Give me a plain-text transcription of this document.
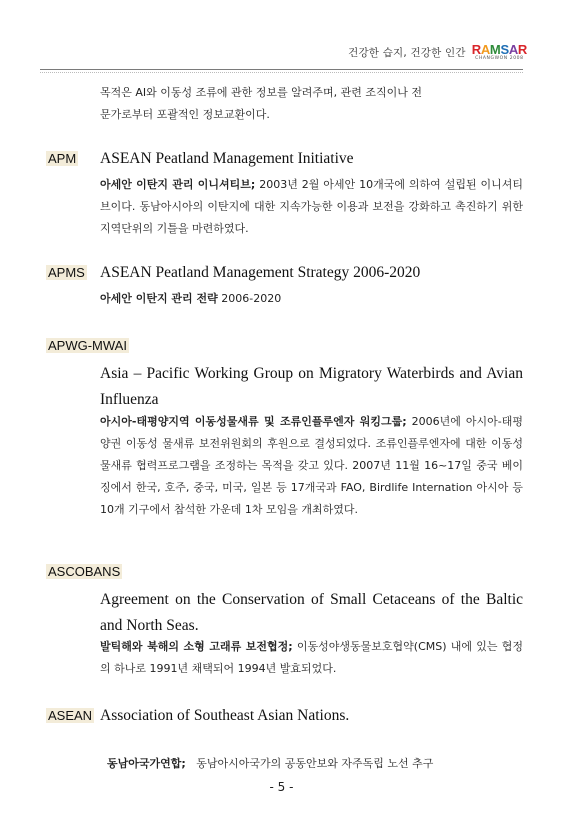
건강한 습지, 건강한 인간 RAMSAR
CHANGWON 2008
목적은 AI와 이동성 조류에 관한 정보를 알려주며, 관련 조직이나 전
문가로부터 포괄적인 정보교환이다.
APM ASEAN Peatland Management Initiative
아세안 이탄지 관리 이니셔티브; 2003년 2월 아세안 10개국에 의하여 설립된 이니셔티브이다. 동남아시아의 이탄지에 대한 지속가능한 이용과 보전을 강화하고 촉진하기 위한 지역단위의 기틀을 마련하였다.
APMS ASEAN Peatland Management Strategy 2006-2020
아세안 이탄지 관리 전략 2006-2020
APWG-MWAI
Asia – Pacific Working Group on Migratory Waterbirds and Avian Influenza
아시아-태평양지역 이동성물새류 및 조류인플루엔자 워킹그룹; 2006년에 아시아-태평양권 이동성 물새류 보전위원회의 후원으로 결성되었다. 조류인플루엔자에 대한 이동성물새류 협력프로그램을 조정하는 목적을 갖고 있다. 2007년 11월 16~17일 중국 베이징에서 한국, 호주, 중국, 미국, 일본 등 17개국과 FAO, Birdlife Internation 아시아 등 10개 기구에서 참석한 가운데 1차 모임을 개최하였다.
ASCOBANS
Agreement on the Conservation of Small Cetaceans of the Baltic and North Seas.
발틱해와 북해의 소형 고래류 보전협정; 이동성야생동물보호협약(CMS) 내에 있는 협정의 하나로 1991년 채택되어 1994년 발효되었다.
ASEAN Association of Southeast Asian Nations.

동남아국가연합;   동남아시아국가의 공동안보와 자주독립 노선 추구

- 5 -
